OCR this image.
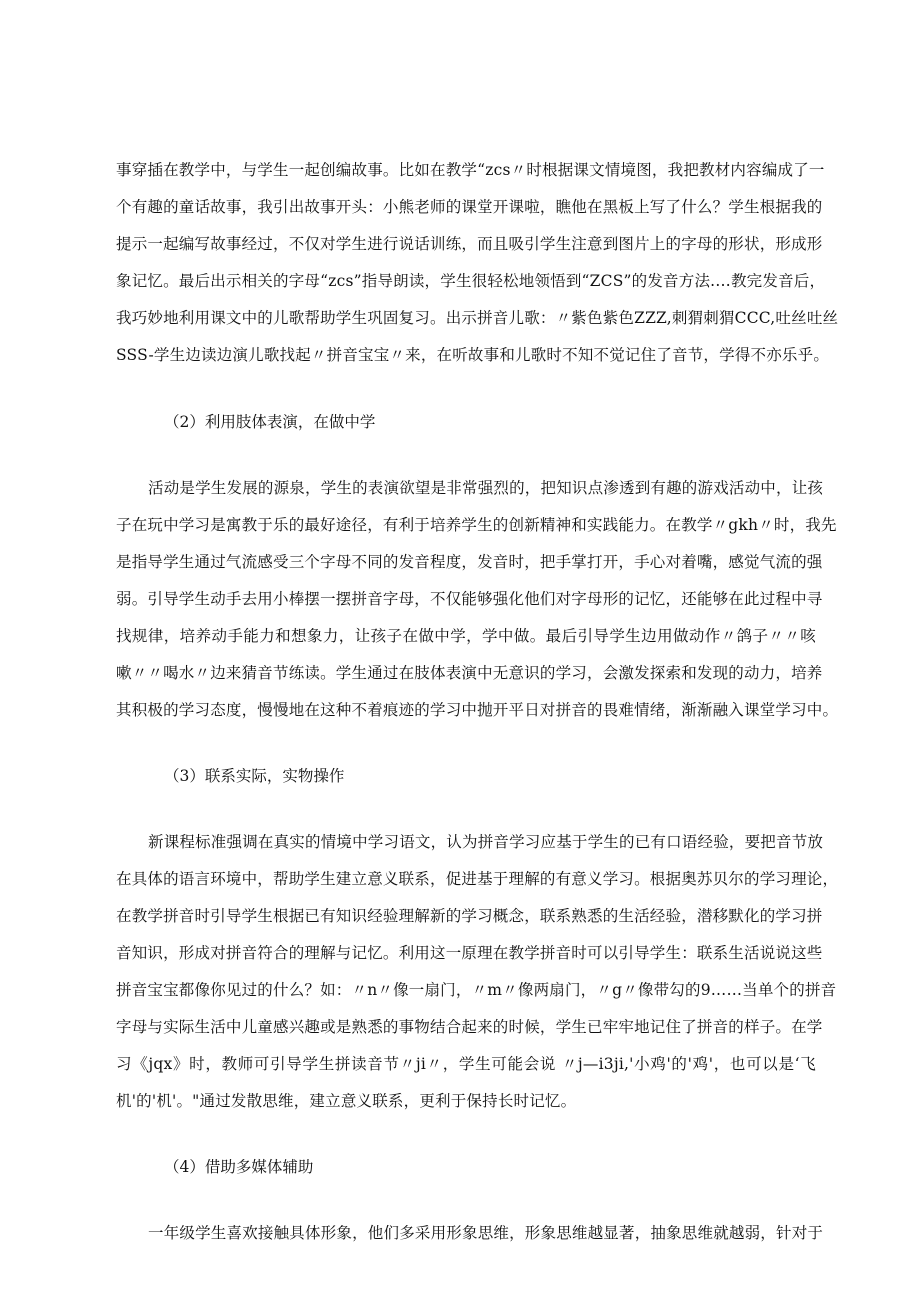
事穿插在教学中，与学生一起创编故事。比如在教学“zcs〃时根据课文情境图，我把教材内容编成了一
个有趣的童话故事，我引出故事开头：小熊老师的课堂开课啦，瞧他在黑板上写了什么？学生根据我的
提示一起编写故事经过，不仅对学生进行说话训练，而且吸引学生注意到图片上的字母的形状，形成形
象记忆。最后出示相关的字母“zcs”指导朗读，学生很轻松地领悟到“ZCS”的发音方法.…教完发音后，
我巧妙地利用课文中的儿歌帮助学生巩固复习。出示拼音儿歌：〃紫色紫色ZZZ,刺猬刺猬CCC,吐丝吐丝
SSS-学生边读边演儿歌找起〃拼音宝宝〃来，在听故事和儿歌时不知不觉记住了音节，学得不亦乐乎。
（2）利用肢体表演，在做中学
活动是学生发展的源泉，学生的表演欲望是非常强烈的，把知识点渗透到有趣的游戏活动中，让孩
子在玩中学习是寓教于乐的最好途径，有利于培养学生的创新精神和实践能力。在教学〃gkh〃时，我先
是指导学生通过气流感受三个字母不同的发音程度，发音时，把手掌打开，手心对着嘴，感觉气流的强
弱。引导学生动手去用小棒摆一摆拼音字母，不仅能够强化他们对字母形的记忆，还能够在此过程中寻
找规律，培养动手能力和想象力，让孩子在做中学，学中做。最后引导学生边用做动作〃鸽子〃〃咳
嗽〃〃喝水〃边来猜音节练读。学生通过在肢体表演中无意识的学习，会激发探索和发现的动力，培养
其积极的学习态度，慢慢地在这种不着痕迹的学习中抛开平日对拼音的畏难情绪，渐渐融入课堂学习中。
（3）联系实际，实物操作
新课程标准强调在真实的情境中学习语文，认为拼音学习应基于学生的已有口语经验，要把音节放
在具体的语言环境中，帮助学生建立意义联系，促进基于理解的有意义学习。根据奥苏贝尔的学习理论，
在教学拼音时引导学生根据已有知识经验理解新的学习概念，联系熟悉的生活经验，潜移默化的学习拼
音知识，形成对拼音符合的理解与记忆。利用这一原理在教学拼音时可以引导学生：联系生活说说这些
拼音宝宝都像你见过的什么？如：〃n〃像一扇门，〃m〃像两扇门，〃g〃像带勾的9……当单个的拼音
字母与实际生活中儿童感兴趣或是熟悉的事物结合起来的时候，学生已牢牢地记住了拼音的样子。在学
习《jqx》时，教师可引导学生拼读音节〃ji〃，学生可能会说 〃j—i3ji,'小鸡'的'鸡'，也可以是‘飞
机'的'机'。"通过发散思维，建立意义联系，更利于保持长时记忆。
（4）借助多媒体辅助
一年级学生喜欢接触具体形象，他们多采用形象思维，形象思维越显著，抽象思维就越弱，针对于
